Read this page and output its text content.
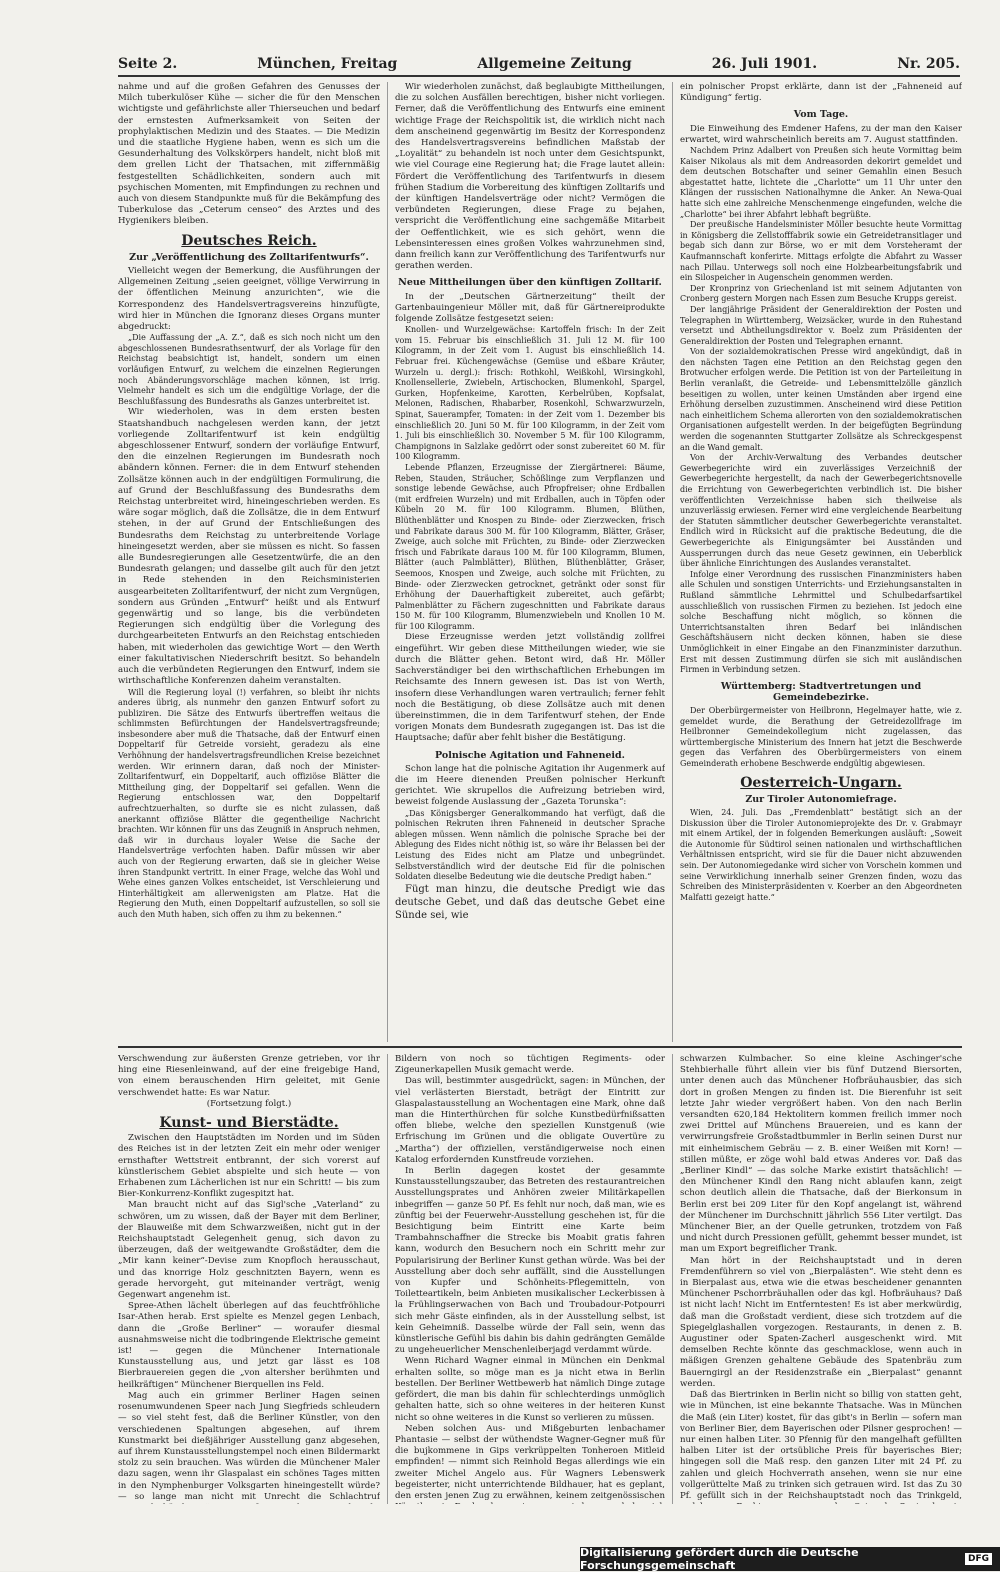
Seite 2.	München, Freitag	Allgemeine Zeitung	26. Juli 1901.	Nr. 205.

nahme und auf die großen Gefahren des Genusses der Milch tuberkulöser Kühe — sicher die für den Menschen wichtigste und gefährlichste aller Thierseuchen und bedarf der ernstesten Aufmerksamkeit von Seiten der prophylaktischen Medizin und des Staates. — Die Medizin und die staatliche Hygiene haben, wenn es sich um die Gesunderhaltung des Volkskörpers handelt, nicht bloß mit dem grellen Licht der Thatsachen, mit ziffernmäßig festgestellten Schädlichkeiten, sondern auch mit psychischen Momenten, mit Empfindungen zu rechnen und auch von diesem Standpunkte muß für die Bekämpfung des Tuberkulose das „Ceterum censeo“ des Arztes und des Hygienikers bleiben.

Deutsches Reich.
Zur „Veröffentlichung des Zolltarifentwurfs“.

Vielleicht wegen der Bemerkung, die Ausführungen der Allgemeinen Zeitung „seien geeignet, völlige Verwirrung in der öffentlichen Meinung anzurichten“, wie die Korrespondenz des Handelsvertragsvereins hinzufügte, wird hier in München die Ignoranz dieses Organs munter abgedruckt:

„Die Auffassung der „A. Z.“, daß es sich noch nicht um den abgeschlossenen Bundesrathsentwurf, der als Vorlage für den Reichstag beabsichtigt ist, handelt, sondern um einen vorläufigen Entwurf, zu welchem die einzelnen Regierungen noch Abänderungsvorschläge machen können, ist irrig. Vielmehr handelt es sich um die endgültige Vorlage, der die Beschlußfassung des Bundesraths als Ganzes unterbreitet ist.

Wir wiederholen, was in dem ersten besten Staatshandbuch nachgelesen werden kann, der jetzt vorliegende Zolltarifentwurf ist kein endgültig abgeschlossener Entwurf, sondern der vorläufige Entwurf, den die einzelnen Regierungen im Bundesrath noch abändern können. Ferner: die in dem Entwurf stehenden Zollsätze können auch in der endgültigen Formulirung, die auf Grund der Beschlußfassung des Bundesraths dem Reichstag unterbreitet wird, hineingeschrieben werden. Es wäre sogar möglich, daß die Zollsätze, die in dem Entwurf stehen, in der auf Grund der Entschließungen des Bundesraths dem Reichstag zu unterbreitende Vorlage hineingesetzt werden, aber sie müssen es nicht. So fassen alle Bundesregierungen alle Gesetzentwürfe, die an den Bundesrath gelangen; und dasselbe gilt auch für den jetzt in Rede stehenden in den Reichsministerien ausgearbeiteten Zolltarifentwurf, der nicht zum Vergnügen, sondern aus Gründen „Entwurf“ heißt und als Entwurf gegenwärtig und so lange, bis die verbündeten Regierungen sich endgültig über die Vorlegung des durchgearbeiteten Entwurfs an den Reichstag entschieden haben, mit wiederholen das gewichtige Wort — den Werth einer fakultativischen Niederschrift besitzt. So behandeln auch die verbündeten Regierungen den Entwurf, indem sie wirthschaftliche Konferenzen daheim veranstalten.

Will die Regierung loyal (!) verfahren, so bleibt ihr nichts anderes übrig, als nunmehr den ganzen Entwurf sofort zu publiziren. Die Sätze des Entwurfs übertreffen weitaus die schlimmsten Befürchtungen der Handelsvertragsfreunde; insbesondere aber muß die Thatsache, daß der Entwurf einen Doppeltarif für Getreide vorsieht, geradezu als eine Verhöhnung der handelsvertragsfreundlichen Kreise bezeichnet werden. Wir erinnern daran, daß noch der Minister-Zolltarifentwurf, ein Doppeltarif, auch offiziöse Blätter die Mittheilung ging, der Doppeltarif sei gefallen. Wenn die Regierung entschlossen war, den Doppeltarif aufrechtzuerhalten, so durfte sie es nicht zulassen, daß anerkannt offiziöse Blätter die gegentheilige Nachricht brachten. Wir können für uns das Zeugniß in Anspruch nehmen, daß wir in durchaus loyaler Weise die Sache der Handelsverträge verfochten haben. Dafür müssen wir aber auch von der Regierung erwarten, daß sie in gleicher Weise ihren Standpunkt vertritt. In einer Frage, welche das Wohl und Wehe eines ganzen Volkes entscheidet, ist Verschleierung und Hinterhältigkeit am allerwenigsten am Platze. Hat die Regierung den Muth, einen Doppeltarif aufzustellen, so soll sie auch den Muth haben, sich offen zu ihm zu bekennen.“

Wir wiederholen zunächst, daß beglaubigte Mittheilungen, die zu solchen Ausfällen berechtigen, bisher nicht vorliegen. Ferner, daß die Veröffentlichung des Entwurfs eine eminent wichtige Frage der Reichspolitik ist, die wirklich nicht nach dem anscheinend gegenwärtig im Besitz der Korrespondenz des Handelsvertragsvereins befindlichen Maßstab der „Loyalität“ zu behandeln ist noch unter dem Gesichtspunkt, wie viel Courage eine Regierung hat; die Frage lautet allein: Fördert die Veröffentlichung des Tarifentwurfs in diesem frühen Stadium die Vorbereitung des künftigen Zolltarifs und der künftigen Handelsverträge oder nicht? Vermögen die verbündeten Regierungen, diese Frage zu bejahen, verspricht die Veröffentlichung eine sachgemäße Mitarbeit der Oeffentlichkeit, wie es sich gehört, wenn die Lebensinteressen eines großen Volkes wahrzunehmen sind, dann freilich kann zur Veröffentlichung des Tarifentwurfs nur gerathen werden.

Neue Mittheilungen über den künftigen Zolltarif.

In der „Deutschen Gärtnerzeitung“ theilt der Gartenbauingenieur Möller mit, daß für Gärtnereiprodukte folgende Zollsätze festgesetzt seien:

Knollen- und Wurzelgewächse: Kartoffeln frisch: In der Zeit vom 15. Februar bis einschließlich 31. Juli 12 M. für 100 Kilogramm, in der Zeit vom 1. August bis einschließlich 14. Februar frei. Küchengewächse (Gemüse und eßbare Kräuter, Wurzeln u. dergl.): frisch: Rothkohl, Weißkohl, Wirsingkohl, Knollensellerie, Zwiebeln, Artischocken, Blumenkohl, Spargel, Gurken, Hopfenkeime, Karotten, Kerbelrüben, Kopfsalat, Melonen, Radischen, Rhabarber, Rosenkohl, Schwarzwurzeln, Spinat, Sauerampfer, Tomaten: in der Zeit vom 1. Dezember bis einschließlich 20. Juni 50 M. für 100 Kilogramm, in der Zeit vom 1. Juli bis einschließlich 30. November 5 M. für 100 Kilogramm, Champignons in Salzlake gedörrt oder sonst zubereitet 60 M. für 100 Kilogramm.

Lebende Pflanzen, Erzeugnisse der Ziergärtnerei: Bäume, Reben, Stauden, Sträucher, Schößlinge zum Verpflanzen und sonstige lebende Gewächse, auch Pfropfreiser; ohne Erdballen (mit erdfreien Wurzeln) und mit Erdballen, auch in Töpfen oder Kübeln 20 M. für 100 Kilogramm. Blumen, Blüthen, Blüthenblätter und Knospen zu Binde- oder Zierzwecken, frisch und Fabrikate daraus 300 M. für 100 Kilogramm, Blätter, Gräser, Zweige, auch solche mit Früchten, zu Binde- oder Zierzwecken frisch und Fabrikate daraus 100 M. für 100 Kilogramm, Blumen, Blätter (auch Palmblätter), Blüthen, Blüthenblätter, Gräser, Seemoos, Knospen und Zweige, auch solche mit Früchten, zu Binde- oder Zierzwecken getrocknet, getränkt oder sonst für Erhöhung der Dauerhaftigkeit zubereitet, auch gefärbt; Palmenblätter zu Fächern zugeschnitten und Fabrikate daraus 150 M. für 100 Kilogramm, Blumenzwiebeln und Knollen 10 M. für 100 Kilogramm.

Diese Erzeugnisse werden jetzt vollständig zollfrei eingeführt. Wir geben diese Mittheilungen wieder, wie sie durch die Blätter gehen. Betont wird, daß Hr. Möller Sachverständiger bei den wirthschaftlichen Erhebungen im Reichsamte des Innern gewesen ist. Das ist von Werth, insofern diese Verhandlungen waren vertraulich; ferner fehlt noch die Bestätigung, ob diese Zollsätze auch mit denen übereinstimmen, die in dem Tarifentwurf stehen, der Ende vorigen Monats dem Bundesrath zugegangen ist. Das ist die Hauptsache; dafür aber fehlt bisher die Bestätigung.

Polnische Agitation und Fahneneid.

Schon lange hat die polnische Agitation ihr Augenmerk auf die im Heere dienenden Preußen polnischer Herkunft gerichtet. Wie skrupellos die Aufreizung betrieben wird, beweist folgende Auslassung der „Gazeta Torunska“:

„Das Königsberger Generalkommando hat verfügt, daß die polnischen Rekruten ihren Fahneneid in deutscher Sprache ablegen müssen. Wenn nämlich die polnische Sprache bei der Ablegung des Eides nicht nöthig ist, so wäre ihr Belassen bei der Leistung des Eides nicht am Platze und unbegründet. Selbstverständlich wird der deutsche Eid für die polnischen Soldaten dieselbe Bedeutung wie die deutsche Predigt haben.“

Fügt man hinzu, die deutsche Predigt wie das deutsche Gebet, und daß das deutsche Gebet eine Sünde sei, wie

ein polnischer Propst erklärte, dann ist der „Fahneneid auf Kündigung“ fertig.

Vom Tage.

Die Einweihung des Emdener Hafens, zu der man den Kaiser erwartet, wird wahrscheinlich bereits am 7. August stattfinden.

Nachdem Prinz Adalbert von Preußen sich heute Vormittag beim Kaiser Nikolaus als mit dem Andreasorden dekorirt gemeldet und dem deutschen Botschafter und seiner Gemahlin einen Besuch abgestattet hatte, lichtete die „Charlotte“ um 11 Uhr unter den Klängen der russischen Nationalhymne die Anker. An Newa-Quai hatte sich eine zahlreiche Menschenmenge eingefunden, welche die „Charlotte“ bei ihrer Abfahrt lebhaft begrüßte.

Der preußische Handelsminister Möller besuchte heute Vormittag in Königsberg die Zellstofffabrik sowie ein Getreidetransitlager und begab sich dann zur Börse, wo er mit dem Vorsteheramt der Kaufmannschaft konferirte. Mittags erfolgte die Abfahrt zu Wasser nach Pillau. Unterwegs soll noch eine Holzbearbeitungsfabrik und ein Silospeicher in Augenschein genommen werden.

Der Kronprinz von Griechenland ist mit seinem Adjutanten von Cronberg gestern Morgen nach Essen zum Besuche Krupps gereist.

Der langjährige Präsident der Generaldirektion der Posten und Telegraphen in Württemberg, Weizsäcker, wurde in den Ruhestand versetzt und Abtheilungsdirektor v. Boelz zum Präsidenten der Generaldirektion der Posten und Telegraphen ernannt.

Von der sozialdemokratischen Presse wird angekündigt, daß in den nächsten Tagen eine Petition an den Reichstag gegen den Brotwucher erfolgen werde. Die Petition ist von der Parteileitung in Berlin veranlaßt, die Getreide- und Lebensmittelzölle gänzlich beseitigen zu wollen, unter keinen Umständen aber irgend eine Erhöhung derselben zuzustimmen. Anscheinend wird diese Petition nach einheitlichem Schema allerorten von den sozialdemokratischen Organisationen aufgestellt werden. In der beigefügten Begründung werden die sogenannten Stuttgarter Zollsätze als Schreckgespenst an die Wand gemalt.

Von der Archiv-Verwaltung des Verbandes deutscher Gewerbegerichte wird ein zuverlässiges Verzeichniß der Gewerbegerichte hergestellt, da nach der Gewerbegerichtsnovelle die Errichtung von Gewerbegerichten verbindlich ist. Die bisher veröffentlichten Verzeichnisse haben sich theilweise als unzuverlässig erwiesen. Ferner wird eine vergleichende Bearbeitung der Statuten sämmtlicher deutscher Gewerbegerichte veranstaltet. Endlich wird in Rücksicht auf die praktische Bedeutung, die die Gewerbegerichte als Einigungsämter bei Ausständen und Aussperrungen durch das neue Gesetz gewinnen, ein Ueberblick über ähnliche Einrichtungen des Auslandes veranstaltet.

Infolge einer Verordnung des russischen Finanzministers haben alle Schulen und sonstigen Unterrichts- und Erziehungsanstalten in Rußland sämmtliche Lehrmittel und Schulbedarfsartikel ausschließlich von russischen Firmen zu beziehen. Ist jedoch eine solche Beschaffung nicht möglich, so können die Unterrichtsanstalten ihren Bedarf bei inländischen Geschäftshäusern nicht decken können, haben sie diese Unmöglichkeit in einer Eingabe an den Finanzminister darzuthun. Erst mit dessen Zustimmung dürfen sie sich mit ausländischen Firmen in Verbindung setzen.

Württemberg: Stadtvertretungen und Gemeindebezirke.

Der Oberbürgermeister von Heilbronn, Hegelmayer hatte, wie z. gemeldet wurde, die Berathung der Getreidezollfrage im Heilbronner Gemeindekollegium nicht zugelassen, das württembergische Ministerium des Innern hat jetzt die Beschwerde gegen das Verfahren des Oberbürgermeisters von einem Gemeinderath erhobene Beschwerde endgültig abgewiesen.

Oesterreich-Ungarn.
Zur Tiroler Autonomiefrage.

Wien, 24. Juli. Das „Fremdenblatt“ bestätigt sich an der Diskussion über die Tiroler Autonomieprojekte des Dr. v. Grabmayr mit einem Artikel, der in folgenden Bemerkungen ausläuft: „Soweit die Autonomie für Südtirol seinen nationalen und wirthschaftlichen Verhältnissen entspricht, wird sie für die Dauer nicht abzuwenden sein. Der Autonomiegedanke wird sicher von Vorschein kommen und seine Verwirklichung innerhalb seiner Grenzen finden, wozu das Schreiben des Ministerpräsidenten v. Koerber an den Abgeordneten Malfatti gezeigt hatte.“

Verschwendung zur äußersten Grenze getrieben, vor ihr hing eine Riesenleinwand, auf der eine freigebige Hand, von einem berauschenden Hirn geleitet, mit Genie verschwendet hatte: Es war Natur.

(Fortsetzung folgt.)

Kunst- und Bierstädte.

Zwischen den Hauptstädten im Norden und im Süden des Reiches ist in der letzten Zeit ein mehr oder weniger ernsthafter Wettstreit entbrannt, der sich vorerst auf künstlerischem Gebiet abspielte und sich heute — von Erhabenen zum Lächerlichen ist nur ein Schritt! — bis zum Bier-Konkurrenz-Konflikt zugespitzt hat.

Man braucht nicht auf das Sigl'sche „Vaterland“ zu schwören, um zu wissen, daß der Bayer mit dem Berliner, der Blauweiße mit dem Schwarzweißen, nicht gut in der Reichshauptstadt Gelegenheit genug, sich davon zu überzeugen, daß der weitgewandte Großstädter, dem die „Mir kann keiner“-Devise zum Knopfloch herausschaut, und das knorrige Holz geschnitzten Bayern, wenn es gerade hervorgeht, gut miteinander verträgt, wenig Gegenwart angenehm ist.

Spree-Athen lächelt überlegen auf das feuchtfröhliche Isar-Athen herab. Erst spielte es Menzel gegen Lenbach, dann die „Große Berliner“ — woraufer diesmal ausnahmsweise nicht die todbringende Elektrische gemeint ist! — gegen die Münchener Internationale Kunstausstellung aus, und jetzt gar lässt es 108 Bierbrauereien gegen die „von altersher berühmten und heilkräftigen“ Münchener Bierquellen ins Feld.

Mag auch ein grimmer Berliner Hagen seinen rosenumwundenen Speer nach Jung Siegfrieds schleudern — so viel steht fest, daß die Berliner Künstler, von den verschiedenen Spaltungen abgesehen, auf ihrem Kunstmarkt bei dießjähriger Ausstellung ganz abgesehen, auf ihrem Kunstausstellungstempel noch einen Bildermarkt stolz zu sein brauchen. Was würden die Münchener Maler dazu sagen, wenn ihr Glaspalast ein schönes Tages mitten in den Nymphenburger Volksgarten hineingestellt würde? — so lange man nicht mit Unrecht die Schlachtruf

Bildern von noch so tüchtigen Regiments- oder Zigeunerkapellen Musik gemacht werde.

Das will, bestimmter ausgedrückt, sagen: in München, der viel verlästerten Bierstadt, beträgt der Eintritt zur Glaspalastausstellung an Wochentagen eine Mark, ohne daß man die Hinterthürchen für solche Kunstbedürfnißsatten offen bliebe, welche den speziellen Kunstgenuß (wie Erfrischung im Grünen und die obligate Ouvertüre zu „Martha“) der offiziellen, verständigerweise noch einen Katalog erfordernden Kunstfreude vorziehen.

In Berlin dagegen kostet der gesammte Kunstausstellungszauber, das Betreten des restaurantreichen Ausstellungsprates und Anhören zweier Militärkapellen inbegriffen — ganze 50 Pf. Es fehlt nur noch, daß man, wie es zünftig bei der Feuerwehr-Ausstellung geschehen ist, für die Besichtigung beim Eintritt eine Karte beim Trambahnschaffner die Strecke bis Moabit gratis fahren kann, wodurch den Besuchern noch ein Schritt mehr zur Popularisirung der Berliner Kunst gethan würde. Was bei der Ausstellung aber doch sehr auffällt, sind die Ausstellungen von Kupfer und Schönheits-Pflegemitteln, von Toiletteartikeln, beim Anbieten musikalischer Leckerbissen à la Frühlingserwachen von Bach und Troubadour-Potpourri sich mehr Gäste einfinden, als in der Ausstellung selbst, ist kein Geheimniß. Dasselbe würde der Fall sein, wenn das künstlerische Gefühl bis dahin bis dahin gedrängten Gemälde zu ungeheuerlicher Menschenleiberjagd verdammt würde.

Wenn Richard Wagner einmal in München ein Denkmal erhalten sollte, so möge man es ja nicht etwa in Berlin bestellen. Der Berliner Wettbewerb hat nämlich Dinge zutage gefördert, die man bis dahin für schlechterdings unmöglich gehalten hatte, sich so ohne weiteres in der heiteren Kunst nicht so ohne weiteres in die Kunst so verlieren zu müssen.

Neben solchen Aus- und Mißgeburten lenbachamer Phantasie — selbst der wüthendste Wagner-Gegner muß für die bujkommene in Gips verkrüppelten Tonheroen Mitleid empfinden! — nimmt sich Reinhold Begas allerdings wie ein zweiter Michel Angelo aus. Für Wagners Lebenswerk begeisterter, nicht unterrichtende Bildhauer, hat es geplant, den ersten jenen Zug zu erwähnen, keinem zeitgenössischen

schwarzen Kulmbacher. So eine kleine Aschinger'sche Stehbierhalle führt allein vier bis fünf Dutzend Biersorten, unter denen auch das Münchener Hofbräuhausbier, das sich dort in großen Mengen zu finden ist. Die Bierenfuhr ist seit letzte Jahr wieder vergrößert haben. Von den nach Berlin versandten 620,184 Hektolitern kommen freilich immer noch zwei Drittel auf Münchens Brauereien, und es kann der verwirrungsfreie Großstadtbummler in Berlin seinen Durst nur mit einheimischem Gebräu — z. B. einer Weißen mit Korn! — stillen müßte, er zöge wohl bald etwas Anderes vor. Daß das „Berliner Kindl“ — das solche Marke existirt thatsächlich! — den Münchener Kindl den Rang nicht ablaufen kann, zeigt schon deutlich allein die Thatsache, daß der Bierkonsum in Berlin erst bei 209 Liter für den Kopf angelangt ist, während der Münchener im Durchschnitt jährlich 556 Liter vertilgt. Das Münchener Bier, an der Quelle getrunken, trotzdem von Faß und nicht durch Pressionen gefüllt, gehemmt besser mundet, ist man um Export begreiflicher Trank.

Man hört in der Reichshauptstadt und in deren Fremdenführern so viel von „Bierpalästen“. Wie steht denn es in Bierpalast aus, etwa wie die etwas bescheidener genannten Münchener Pschorrbräuhallen oder das kgl. Hofbräuhaus? Daß ist nicht lach! Nicht im Entferntesten! Es ist aber merkwürdig, daß man die Großstadt verdient, diese sich trotzdem auf die Spiegelglashallen vorgezogen. Restaurants, in denen z. B. Augustiner oder Spaten-Zacherl ausgeschenkt wird. Mit demselben Rechte könnte das geschmacklose, wenn auch in mäßigen Grenzen gehaltene Gebäude des Spatenbräu zum Bauerngirgl an der Residenzstraße ein „Bierpalast“ genannt werden.

Daß das Biertrinken in Berlin nicht so billig von statten geht, wie in München, ist eine bekannte Thatsache. Was in München die Maß (ein Liter) kostet, für das gibt's in Berlin — sofern man von Berliner Bier, dem Bayerischen oder Pilsner gesprochen! — nur einen halben Liter. 30 Pfennig für den mangelhaft gefüllten halben Liter ist der ortsübliche Preis für bayerisches Bier; hingegen soll die Maß resp. den ganzen Liter mit 24 Pf. zu zahlen und gleich Hochverrath ansehen, wenn sie nur eine vollgerüttelte Maß zu trinken sich getrauen wird. Ist das Zu 30 Pf. gefüllt sich in der Reichshauptstadt noch das Trinkgeld,

Digitalisierung gefördert durch die Deutsche Forschungsgemeinschaft	DFG
